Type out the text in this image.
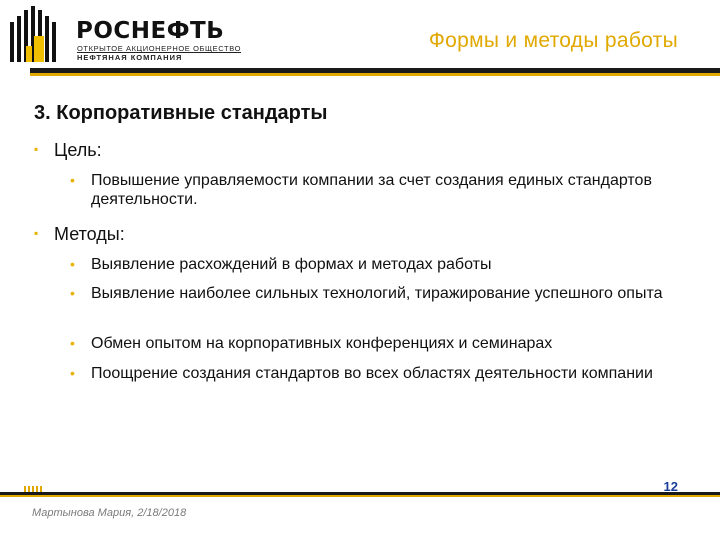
РОСНЕФТЬ
ОТКРЫТОЕ АКЦИОНЕРНОЕ ОБЩЕСТВО
НЕФТЯНАЯ КОМПАНИЯ
Формы и методы работы
3. Корпоративные стандарты
▪ Цель:
• Повышение управляемости компании за счет создания единых стандартов деятельности.
▪ Методы:
• Выявление расхождений в формах и методах работы
• Выявление наиболее сильных технологий, тиражирование успешного опыта
• Обмен опытом на корпоративных конференциях и семинарах
• Поощрение создания стандартов во всех областях деятельности компании
Мартынова Мария, 2/18/2018
12
